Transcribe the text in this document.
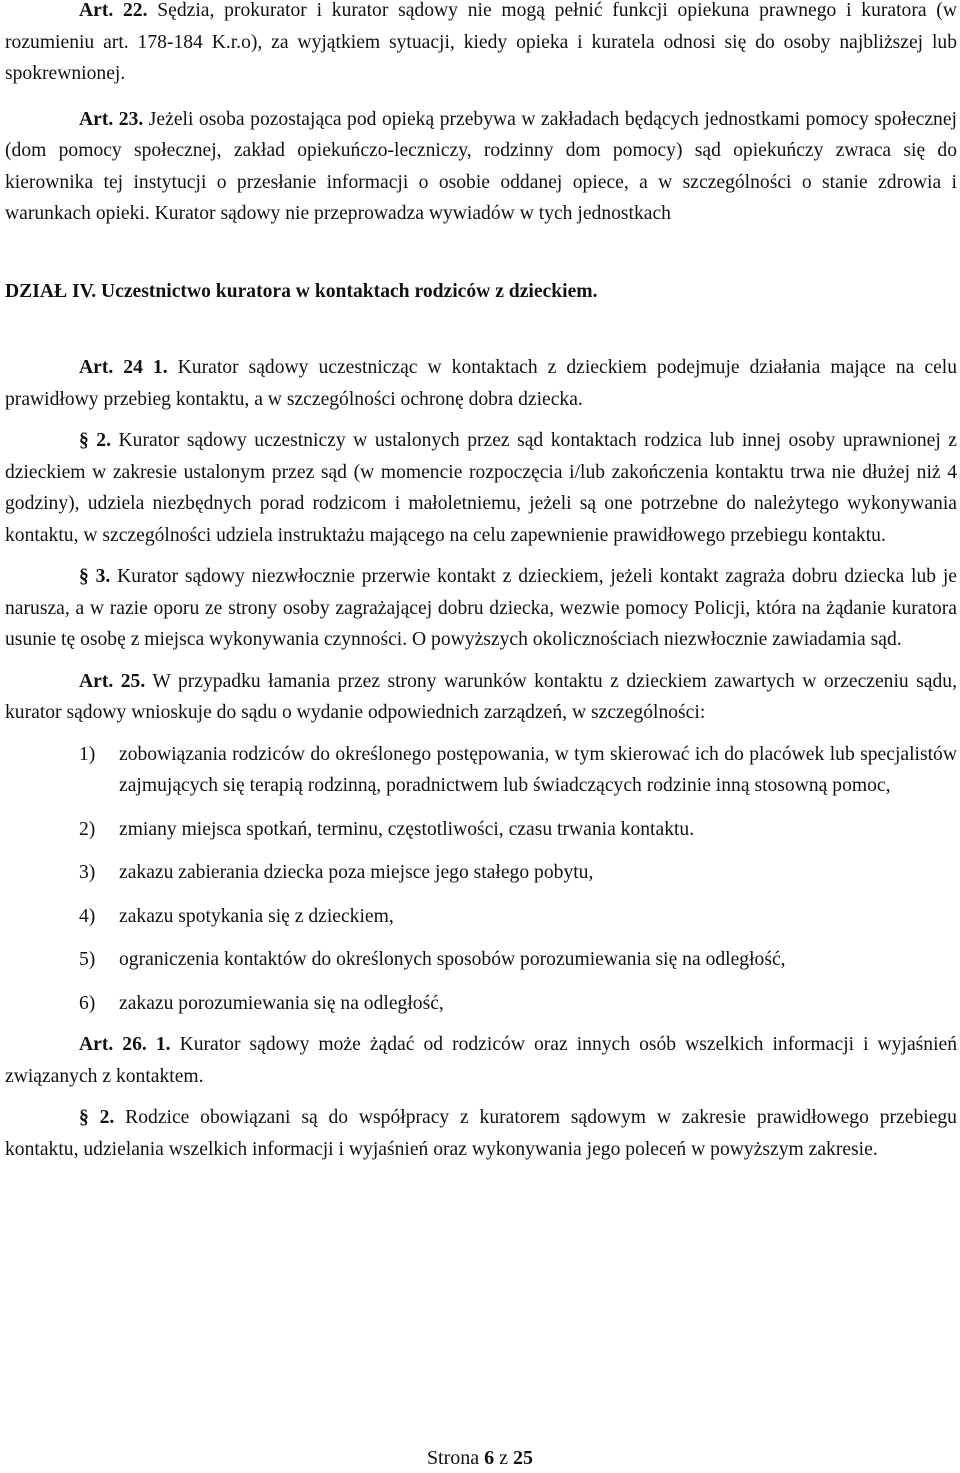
Art. 22. Sędzia, prokurator i kurator sądowy nie mogą pełnić funkcji opiekuna prawnego i kuratora (w rozumieniu art. 178-184 K.r.o), za wyjątkiem sytuacji, kiedy opieka i kuratela odnosi się do osoby najbliższej lub spokrewnionej.

Art. 23. Jeżeli osoba pozostająca pod opieką przebywa w zakładach będących jednostkami pomocy społecznej (dom pomocy społecznej, zakład opiekuńczo-leczniczy, rodzinny dom pomocy) sąd opiekuńczy zwraca się do kierownika tej instytucji o przesłanie informacji o osobie oddanej opiece, a w szczególności o stanie zdrowia i warunkach opieki. Kurator sądowy nie przeprowadza wywiadów w tych jednostkach

DZIAŁ IV. Uczestnictwo kuratora w kontaktach rodziców z dzieckiem.

Art. 24 1. Kurator sądowy uczestnicząc w kontaktach z dzieckiem podejmuje działania mające na celu prawidłowy przebieg kontaktu, a w szczególności ochronę dobra dziecka.

§ 2. Kurator sądowy uczestniczy w ustalonych przez sąd kontaktach rodzica lub innej osoby uprawnionej z dzieckiem w zakresie ustalonym przez sąd (w momencie rozpoczęcia i/lub zakończenia kontaktu trwa nie dłużej niż 4 godziny), udziela niezbędnych porad rodzicom i małoletniemu, jeżeli są one potrzebne do należytego wykonywania kontaktu, w szczególności udziela instruktażu mającego na celu zapewnienie prawidłowego przebiegu kontaktu.

§ 3. Kurator sądowy niezwłocznie przerwie kontakt z dzieckiem, jeżeli kontakt zagraża dobru dziecka lub je narusza, a w razie oporu ze strony osoby zagrażającej dobru dziecka, wezwie pomocy Policji, która na żądanie kuratora usunie tę osobę z miejsca wykonywania czynności. O powyższych okolicznościach niezwłocznie zawiadamia sąd.

Art. 25. W przypadku łamania przez strony warunków kontaktu z dzieckiem zawartych w orzeczeniu sądu, kurator sądowy wnioskuje do sądu o wydanie odpowiednich zarządzeń, w szczególności:

1)	zobowiązania rodziców do określonego postępowania, w tym skierować ich do placówek lub specjalistów zajmujących się terapią rodzinną, poradnictwem lub świadczących rodzinie inną stosowną pomoc,
2)	zmiany miejsca spotkań, terminu, częstotliwości, czasu trwania kontaktu.
3)	zakazu zabierania dziecka poza miejsce jego stałego pobytu,
4)	zakazu spotykania się z dzieckiem,
5)	ograniczenia kontaktów do określonych sposobów porozumiewania się na odległość,
6)	zakazu porozumiewania się na odległość,

Art. 26. 1. Kurator sądowy może żądać od rodziców oraz innych osób wszelkich informacji i wyjaśnień związanych z kontaktem.

§ 2. Rodzice obowiązani są do współpracy z kuratorem sądowym w zakresie prawidłowego przebiegu kontaktu, udzielania wszelkich informacji i wyjaśnień oraz wykonywania jego poleceń w powyższym zakresie.

Strona 6 z 25
